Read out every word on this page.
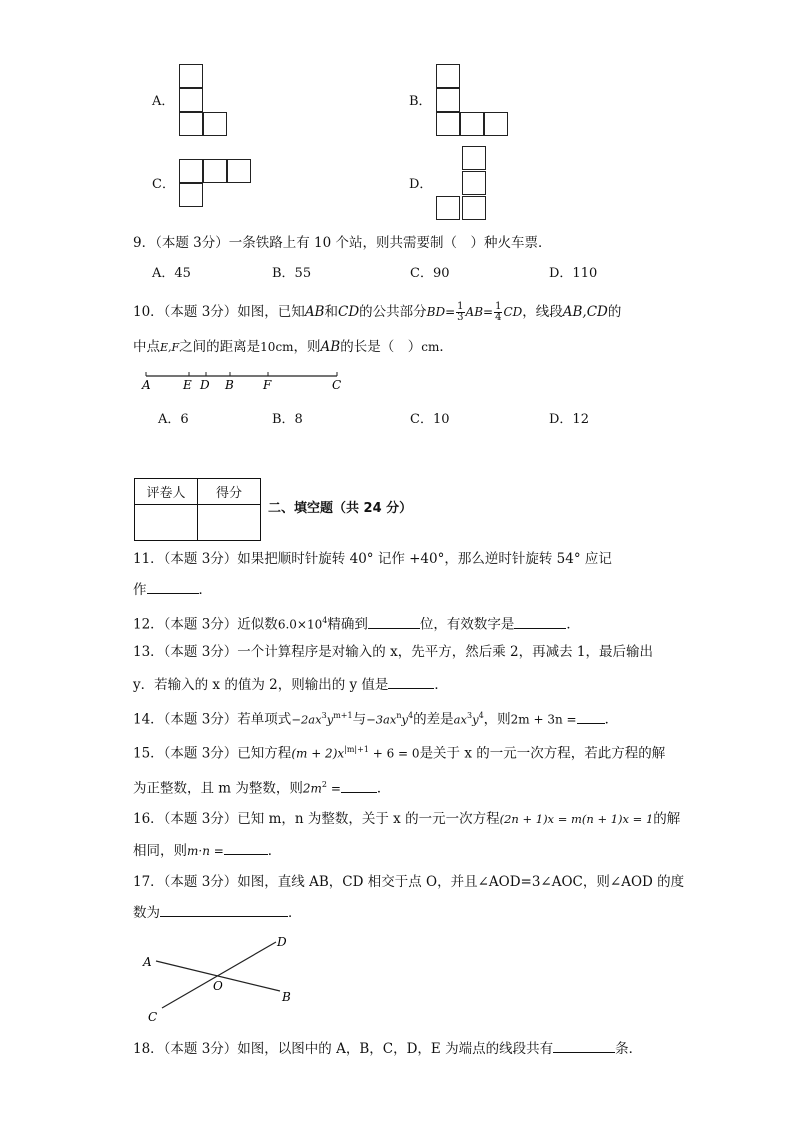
A．	B．
C．	D．
9．（本题 3分）一条铁路上有 10 个站，则共需要制（　）种火车票．
A．45	B．55	C．90	D．110
10．（本题 3分）如图，已知AB和CD的公共部分$BD= \frac{1}{3} AB= \frac{1}{4}$ CD，线段AB,CD的
中点E,F之间的距离是10cm，则AB的长是（　）cm．
A	E D B F	C
A．6	B．8	C．10	D．12
评卷人	得分

二、填空题（共 24 分）
11．（本题 3分）如果把顺时针旋转 40° 记作 +40°，那么逆时针旋转 54° 应记
作	．
12．（本题 3分）近似数$6.0\times 10^4$精确到	位，有效数字是	．
13．（本题 3分）一个计算程序是对输入的 x，先平方，然后乘 2，再减去 1，最后输出
y．若输入的 x 的值为 2，则输出的 y 值是	．
14．（本题 3分）若单项式$-2ax^3y^{m+1}$与$-3ax^ny^4$的差是$ax^3y^4$，则2m + 3n = ．
15．（本题 3分）已知方程$(m + 2)x^{|m|+1} + 6 = 0$是关于 x 的一元一次方程，若此方程的解
为正整数，且 m 为整数，则$2m^2$ =	．
16．（本题 3分）已知 m，n 为整数，关于 x 的一元一次方程(2n + 1)x = m(n + 1)x = 1的解
相同，则m·n =	．
17．（本题 3分）如图，直线 AB，CD 相交于点 O，并且∠AOD=3∠AOC，则∠AOD 的度
数为	．
A
B
C
D
O
18．（本题 3分）如图，以图中的 A，B，C，D，E 为端点的线段共有	条．
